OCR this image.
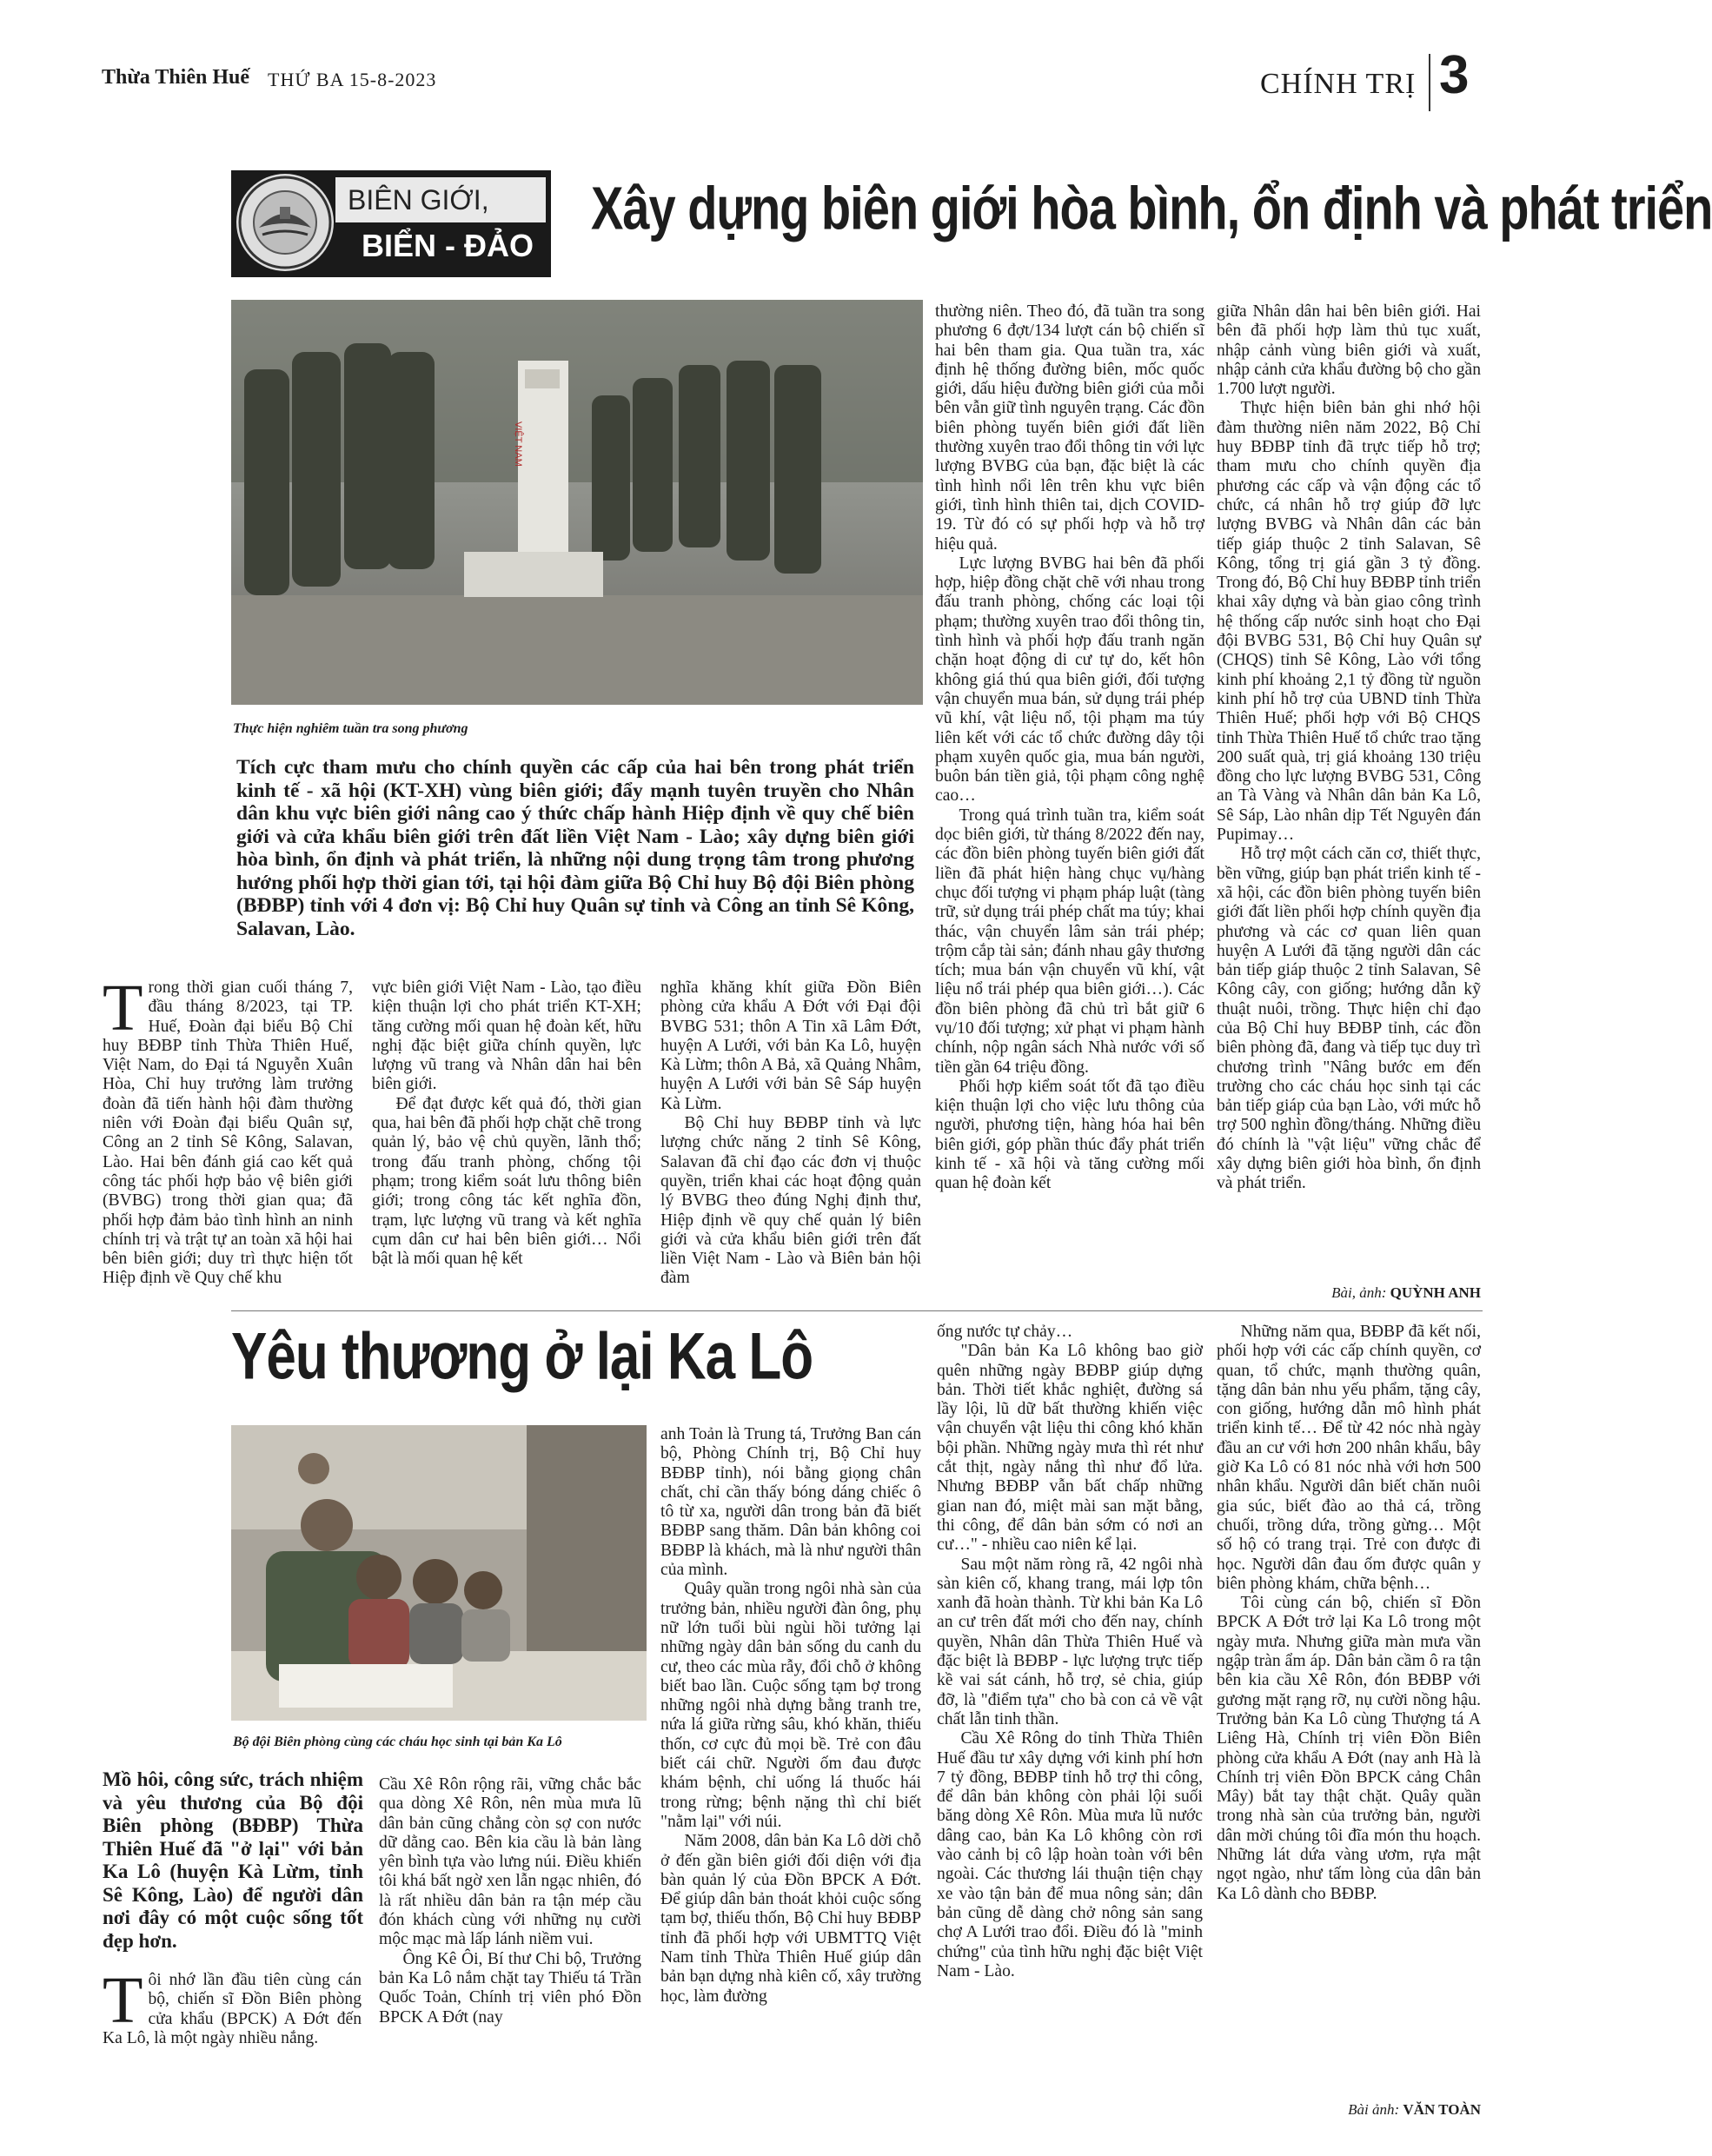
Thừa Thiên Huế THỨ BA 15-8-2023	CHÍNH TRỊ 3
BIÊN GIỚI,
BIỂN - ĐẢO
Xây dựng biên giới hòa bình, ổn định và phát triển
VIỆT NAM
Thực hiện nghiêm tuần tra song phương
Tích cực tham mưu cho chính quyền các cấp của hai bên trong phát triển kinh tế - xã hội (KT-XH) vùng biên giới; đẩy mạnh tuyên truyền cho Nhân dân khu vực biên giới nâng cao ý thức chấp hành Hiệp định về quy chế biên giới và cửa khẩu biên giới trên đất liền Việt Nam - Lào; xây dựng biên giới hòa bình, ổn định và phát triển, là những nội dung trọng tâm trong phương hướng phối hợp thời gian tới, tại hội đàm giữa Bộ Chỉ huy Bộ đội Biên phòng (BĐBP) tỉnh với 4 đơn vị: Bộ Chỉ huy Quân sự tỉnh và Công an tỉnh Sê Kông, Salavan, Lào.

Trong thời gian cuối tháng 7, đầu tháng 8/2023, tại TP. Huế, Đoàn đại biểu Bộ Chỉ huy BĐBP tỉnh Thừa Thiên Huế, Việt Nam, do Đại tá Nguyễn Xuân Hòa, Chỉ huy trưởng làm trưởng đoàn đã tiến hành hội đàm thường niên với Đoàn đại biểu Quân sự, Công an 2 tỉnh Sê Kông, Salavan, Lào. Hai bên đánh giá cao kết quả công tác phối hợp bảo vệ biên giới (BVBG) trong thời gian qua; đã phối hợp đảm bảo tình hình an ninh chính trị và trật tự an toàn xã hội hai bên biên giới; duy trì thực hiện tốt Hiệp định về Quy chế khu

vực biên giới Việt Nam - Lào, tạo điều kiện thuận lợi cho phát triển KT-XH; tăng cường mối quan hệ đoàn kết, hữu nghị đặc biệt giữa chính quyền, lực lượng vũ trang và Nhân dân hai bên biên giới.

Để đạt được kết quả đó, thời gian qua, hai bên đã phối hợp chặt chẽ trong quản lý, bảo vệ chủ quyền, lãnh thổ; trong đấu tranh phòng, chống tội phạm; trong kiểm soát lưu thông biên giới; trong công tác kết nghĩa đồn, trạm, lực lượng vũ trang và kết nghĩa cụm dân cư hai bên biên giới… Nổi bật là mối quan hệ kết

nghĩa khăng khít giữa Đồn Biên phòng cửa khẩu A Đớt với Đại đội BVBG 531; thôn A Tin xã Lâm Đớt, huyện A Lưới, với bản Ka Lô, huyện Kà Lừm; thôn A Bả, xã Quảng Nhâm, huyện A Lưới với bản Sê Sáp huyện Kà Lừm.

Bộ Chỉ huy BĐBP tỉnh và lực lượng chức năng 2 tỉnh Sê Kông, Salavan đã chỉ đạo các đơn vị thuộc quyền, triển khai các hoạt động quản lý BVBG theo đúng Nghị định thư, Hiệp định về quy chế quản lý biên giới và cửa khẩu biên giới trên đất liền Việt Nam - Lào và Biên bản hội đàm

thường niên. Theo đó, đã tuần tra song phương 6 đợt/134 lượt cán bộ chiến sĩ hai bên tham gia. Qua tuần tra, xác định hệ thống đường biên, mốc quốc giới, dấu hiệu đường biên giới của mỗi bên vẫn giữ tình nguyên trạng. Các đồn biên phòng tuyến biên giới đất liền thường xuyên trao đổi thông tin với lực lượng BVBG của bạn, đặc biệt là các tình hình nổi lên trên khu vực biên giới, tình hình thiên tai, dịch COVID-19. Từ đó có sự phối hợp và hỗ trợ hiệu quả.

Lực lượng BVBG hai bên đã phối hợp, hiệp đồng chặt chẽ với nhau trong đấu tranh phòng, chống các loại tội phạm; thường xuyên trao đổi thông tin, tình hình và phối hợp đấu tranh ngăn chặn hoạt động di cư tự do, kết hôn không giá thú qua biên giới, đối tượng vận chuyển mua bán, sử dụng trái phép vũ khí, vật liệu nổ, tội phạm ma túy liên kết với các tổ chức đường dây tội phạm xuyên quốc gia, mua bán người, buôn bán tiền giả, tội phạm công nghệ cao…

Trong quá trình tuần tra, kiểm soát dọc biên giới, từ tháng 8/2022 đến nay, các đồn biên phòng tuyến biên giới đất liền đã phát hiện hàng chục vụ/hàng chục đối tượng vi phạm pháp luật (tàng trữ, sử dụng trái phép chất ma túy; khai thác, vận chuyển lâm sản trái phép; trộm cắp tài sản; đánh nhau gây thương tích; mua bán vận chuyển vũ khí, vật liệu nổ trái phép qua biên giới…). Các đồn biên phòng đã chủ trì bắt giữ 6 vụ/10 đối tượng; xử phạt vi phạm hành chính, nộp ngân sách Nhà nước với số tiền gần 64 triệu đồng.

Phối hợp kiểm soát tốt đã tạo điều kiện thuận lợi cho việc lưu thông của người, phương tiện, hàng hóa hai bên biên giới, góp phần thúc đẩy phát triển kinh tế - xã hội và tăng cường mối quan hệ đoàn kết

giữa Nhân dân hai bên biên giới. Hai bên đã phối hợp làm thủ tục xuất, nhập cảnh vùng biên giới và xuất, nhập cảnh cửa khẩu đường bộ cho gần 1.700 lượt người.

Thực hiện biên bản ghi nhớ hội đàm thường niên năm 2022, Bộ Chỉ huy BĐBP tỉnh đã trực tiếp hỗ trợ; tham mưu cho chính quyền địa phương các cấp và vận động các tổ chức, cá nhân hỗ trợ giúp đỡ lực lượng BVBG và Nhân dân các bản tiếp giáp thuộc 2 tỉnh Salavan, Sê Kông, tổng trị giá gần 3 tỷ đồng. Trong đó, Bộ Chỉ huy BĐBP tỉnh triển khai xây dựng và bàn giao công trình hệ thống cấp nước sinh hoạt cho Đại đội BVBG 531, Bộ Chỉ huy Quân sự (CHQS) tỉnh Sê Kông, Lào với tổng kinh phí khoảng 2,1 tỷ đồng từ nguồn kinh phí hỗ trợ của UBND tỉnh Thừa Thiên Huế; phối hợp với Bộ CHQS tỉnh Thừa Thiên Huế tổ chức trao tặng 200 suất quà, trị giá khoảng 130 triệu đồng cho lực lượng BVBG 531, Công an Tà Vàng và Nhân dân bản Ka Lô, Sê Sáp, Lào nhân dịp Tết Nguyên đán Pupimay…

Hỗ trợ một cách căn cơ, thiết thực, bền vững, giúp bạn phát triển kinh tế - xã hội, các đồn biên phòng tuyến biên giới đất liền phối hợp chính quyền địa phương và các cơ quan liên quan huyện A Lưới đã tặng người dân các bản tiếp giáp thuộc 2 tỉnh Salavan, Sê Kông cây, con giống; hướng dẫn kỹ thuật nuôi, trồng. Thực hiện chỉ đạo của Bộ Chỉ huy BĐBP tỉnh, các đồn biên phòng đã, đang và tiếp tục duy trì chương trình "Nâng bước em đến trường cho các cháu học sinh tại các bản tiếp giáp của bạn Lào, với mức hỗ trợ 500 nghìn đồng/tháng. Những điều đó chính là "vật liệu" vững chắc để xây dựng biên giới hòa bình, ổn định và phát triển.

Bài, ảnh: QUỲNH ANH
Yêu thương ở lại Ka Lô
Bộ đội Biên phòng cùng các cháu học sinh tại bản Ka Lô
Mồ hôi, công sức, trách nhiệm và yêu thương của Bộ đội Biên phòng (BĐBP) Thừa Thiên Huế đã "ở lại" với bản Ka Lô (huyện Kà Lừm, tỉnh Sê Kông, Lào) để người dân nơi đây có một cuộc sống tốt đẹp hơn.

Tôi nhớ lần đầu tiên cùng cán bộ, chiến sĩ Đồn Biên phòng cửa khẩu (BPCK) A Đớt đến Ka Lô, là một ngày nhiều nắng.

Cầu Xê Rôn rộng rãi, vững chắc bắc qua dòng Xê Rôn, nên mùa mưa lũ dân bản cũng chẳng còn sợ con nước dữ dằng cao. Bên kia cầu là bản làng yên bình tựa vào lưng núi. Điều khiến tôi khá bất ngờ xen lẫn ngạc nhiên, đó là rất nhiều dân bản ra tận mép cầu đón khách cùng với những nụ cười mộc mạc mà lấp lánh niềm vui.

Ông Kê Ôi, Bí thư Chi bộ, Trưởng bản Ka Lô nắm chặt tay Thiếu tá Trần Quốc Toản, Chính trị viên phó Đồn BPCK A Đớt (nay

anh Toản là Trung tá, Trưởng Ban cán bộ, Phòng Chính trị, Bộ Chỉ huy BĐBP tỉnh), nói bằng giọng chân chất, chỉ cần thấy bóng dáng chiếc ô tô từ xa, người dân trong bản đã biết BĐBP sang thăm. Dân bản không coi BĐBP là khách, mà là như người thân của mình.

Quây quần trong ngôi nhà sàn của trưởng bản, nhiều người đàn ông, phụ nữ lớn tuổi bùi ngùi hồi tưởng lại những ngày dân bản sống du canh du cư, theo các mùa rẫy, đổi chỗ ở không biết bao lần. Cuộc sống tạm bợ trong những ngôi nhà dựng bằng tranh tre, nứa lá giữa rừng sâu, khó khăn, thiếu thốn, cơ cực đủ mọi bề. Trẻ con đâu biết cái chữ. Người ốm đau được khám bệnh, chỉ uống lá thuốc hái trong rừng; bệnh nặng thì chỉ biết "nằm lại" với núi.

Năm 2008, dân bản Ka Lô dời chỗ ở đến gần biên giới đối diện với địa bàn quản lý của Đồn BPCK A Đớt. Để giúp dân bản thoát khỏi cuộc sống tạm bợ, thiếu thốn, Bộ Chỉ huy BĐBP tỉnh đã phối hợp với UBMTTQ Việt Nam tỉnh Thừa Thiên Huế giúp dân bản bạn dựng nhà kiên cố, xây trường học, làm đường

ống nước tự chảy…

"Dân bản Ka Lô không bao giờ quên những ngày BĐBP giúp dựng bản. Thời tiết khắc nghiệt, đường sá lầy lội, lũ dữ bất thường khiến việc vận chuyển vật liệu thi công khó khăn bội phần. Những ngày mưa thì rét như cắt thịt, ngày nắng thì như đổ lửa. Nhưng BĐBP vẫn bất chấp những gian nan đó, miệt mài san mặt bằng, thi công, để dân bản sớm có nơi an cư…" - nhiều cao niên kể lại.

Sau một năm ròng rã, 42 ngôi nhà sàn kiên cố, khang trang, mái lợp tôn xanh đã hoàn thành. Từ khi bản Ka Lô an cư trên đất mới cho đến nay, chính quyền, Nhân dân Thừa Thiên Huế và đặc biệt là BĐBP - lực lượng trực tiếp kề vai sát cánh, hỗ trợ, sẻ chia, giúp đỡ, là "điểm tựa" cho bà con cả về vật chất lẫn tinh thần.

Cầu Xê Rông do tỉnh Thừa Thiên Huế đầu tư xây dựng với kinh phí hơn 7 tỷ đồng, BĐBP tỉnh hỗ trợ thi công, để dân bản không còn phải lội suối băng dòng Xê Rôn. Mùa mưa lũ nước dâng cao, bản Ka Lô không còn rơi vào cảnh bị cô lập hoàn toàn với bên ngoài. Các thương lái thuận tiện chạy xe vào tận bản để mua nông sản; dân bản cũng dễ dàng chở nông sản sang chợ A Lưới trao đổi. Điều đó là "minh chứng" của tình hữu nghị đặc biệt Việt Nam - Lào.

Những năm qua, BĐBP đã kết nối, phối hợp với các cấp chính quyền, cơ quan, tổ chức, mạnh thường quân, tặng dân bản nhu yếu phẩm, tặng cây, con giống, hướng dẫn mô hình phát triển kinh tế… Để từ 42 nóc nhà ngày đầu an cư với hơn 200 nhân khẩu, bây giờ Ka Lô có 81 nóc nhà với hơn 500 nhân khẩu. Người dân biết chăn nuôi gia súc, biết đào ao thả cá, trồng chuối, trồng dứa, trồng gừng… Một số hộ có trang trại. Trẻ con được đi học. Người dân đau ốm được quân y biên phòng khám, chữa bệnh…

Tôi cùng cán bộ, chiến sĩ Đồn BPCK A Đớt trở lại Ka Lô trong một ngày mưa. Nhưng giữa màn mưa vần ngập tràn ẩm áp. Dân bản cầm ô ra tận bên kia cầu Xê Rôn, đón BĐBP với gương mặt rạng rỡ, nụ cười nồng hậu. Trưởng bản Ka Lô cùng Thượng tá A Liêng Hà, Chính trị viên Đồn Biên phòng cửa khẩu A Đớt (nay anh Hà là Chính trị viên Đồn BPCK cảng Chân Mây) bắt tay thật chặt. Quây quần trong nhà sàn của trưởng bản, người dân mời chúng tôi đĩa món thu hoạch. Những lát dứa vàng ươm, rựa mật ngọt ngào, như tấm lòng của dân bản Ka Lô dành cho BĐBP.

Bài ảnh: VĂN TOÀN
